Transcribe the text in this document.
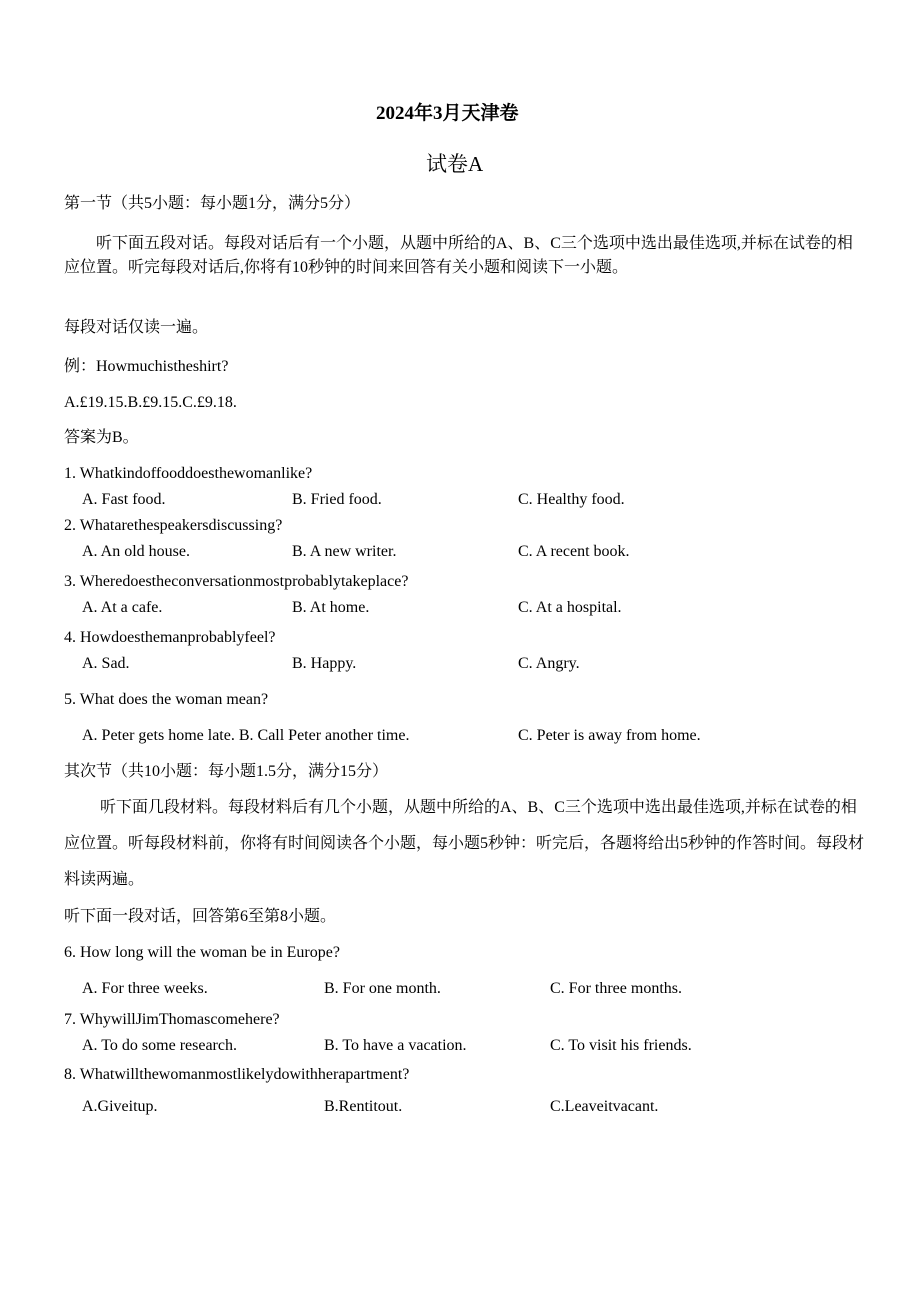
2024年3月天津卷
试卷A
第一节（共5小题：每小题1分，满分5分）
听下面五段对话。每段对话后有一个小题，从题中所给的A、B、C三个选项中选出最佳选项,并标在试卷的相应位置。听完每段对话后,你将有10秒钟的时间来回答有关小题和阅读下一小题。
每段对话仅读一遍。
例：Howmuchistheshirt?
A.£19.15.B.£9.15.C.£9.18.
答案为B。
1. Whatkindoffooddoesthewomanlike?
A. Fast food.	B. Fried food.	C. Healthy food.
2. Whatarethespeakersdiscussing?
A. An old house.	B. A new writer.	C. A recent book.
3. Wheredoestheconversationmostprobablytakeplace?
A. At a cafe.	B. At home.	C. At a hospital.
4. Howdoesthemanprobablyfeel?
A. Sad.	B. Happy.	C. Angry.
5. What does the woman mean?
A. Peter gets home late. B. Call Peter another time.	C. Peter is away from home.
其次节（共10小题：每小题1.5分，满分15分）
听下面几段材料。每段材料后有几个小题，从题中所给的A、B、C三个选项中选出最佳选项,并标在试卷的相应位置。听每段材料前，你将有时间阅读各个小题，每小题5秒钟：听完后，各题将给出5秒钟的作答时间。每段材料读两遍。
听下面一段对话，回答第6至第8小题。
6. How long will the woman be in Europe?
A. For three weeks.	B. For one month.	C. For three months.
7. WhywillJimThomascomehere?
A. To do some research.	B. To have a vacation.	C. To visit his friends.
8. Whatwillthewomanmostlikelydowithherapartment?
A.Giveitup.	B.Rentitout.	C.Leaveitvacant.
